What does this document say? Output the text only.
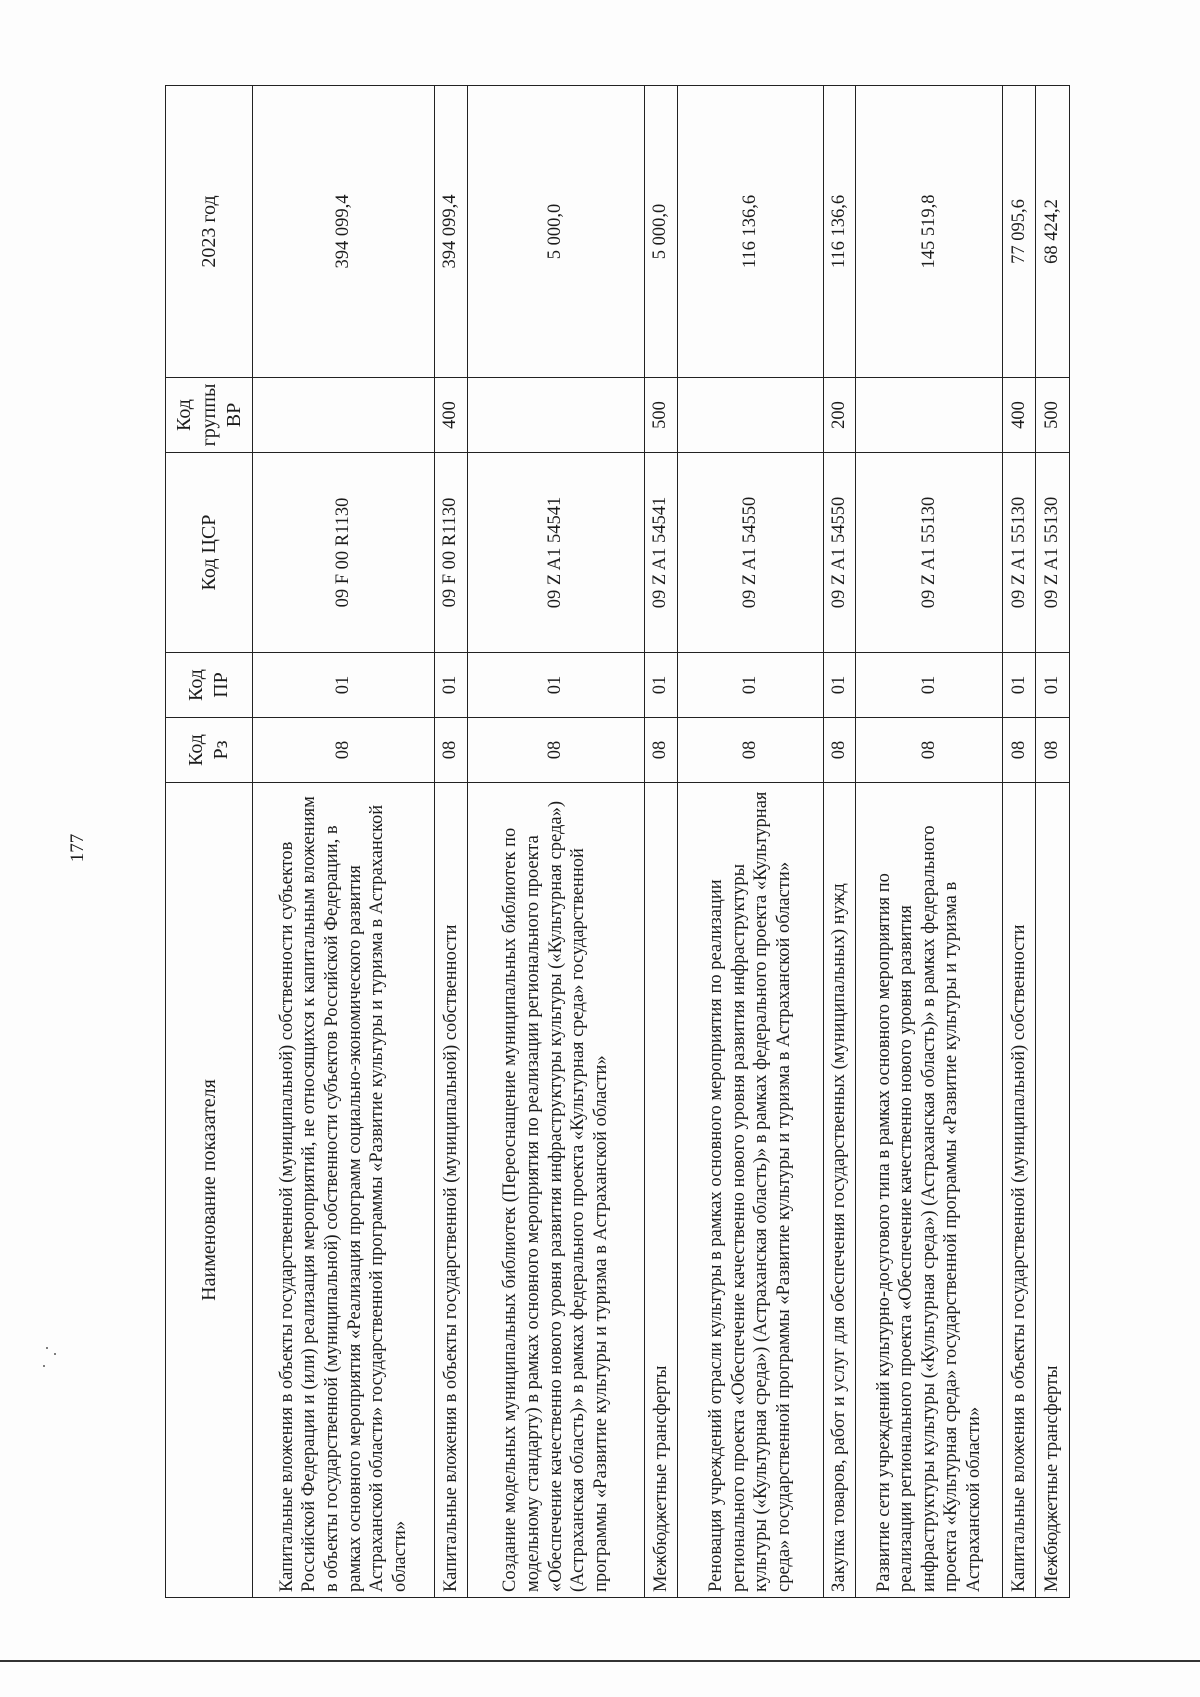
177
Наименование показателя	Код Рз	Код ПР	Код ЦСР	Код группы ВР	2023 год
Капитальные вложения в объекты государственной (муниципальной) собственности субъектов Российской Федерации и (или) реализация мероприятий, не относящихся к капитальным вложениям в объекты государственной (муниципальной) собственности субъектов Российской Федерации, в рамках основного мероприятия «Реализация программ социально-экономического развития Астраханской области» государственной программы «Развитие культуры и туризма в Астраханской области»	08	01	09 F 00 R1130		394 099,4
Капитальные вложения в объекты государственной (муниципальной) собственности	08	01	09 F 00 R1130	400	394 099,4
Создание модельных муниципальных библиотек (Переоснащение муниципальных библиотек по модельному стандарту) в рамках основного мероприятия по реализации регионального проекта «Обеспечение качественно нового уровня развития инфраструктуры культуры («Культурная среда») (Астраханская область)» в рамках федерального проекта «Культурная среда» государственной программы «Развитие культуры и туризма в Астраханской области»	08	01	09 Z A1 54541		5 000,0
Межбюджетные трансферты	08	01	09 Z A1 54541	500	5 000,0
Реновация учреждений отрасли культуры в рамках основного мероприятия по реализации регионального проекта «Обеспечение качественно нового уровня развития инфраструктуры культуры («Культурная среда») (Астраханская область)» в рамках федерального проекта «Культурная среда» государственной программы «Развитие культуры и туризма в Астраханской области»	08	01	09 Z A1 54550		116 136,6
Закупка товаров, работ и услуг для обеспечения государственных (муниципальных) нужд	08	01	09 Z A1 54550	200	116 136,6
Развитие сети учреждений культурно-досугового типа в рамках основного мероприятия по реализации регионального проекта «Обеспечение качественно нового уровня развития инфраструктуры культуры («Культурная среда») (Астраханская область)» в рамках федерального проекта «Культурная среда» государственной программы «Развитие культуры и туризма в Астраханской области»	08	01	09 Z A1 55130		145 519,8
Капитальные вложения в объекты государственной (муниципальной) собственности	08	01	09 Z A1 55130	400	77 095,6
Межбюджетные трансферты	08	01	09 Z A1 55130	500	68 424,2
